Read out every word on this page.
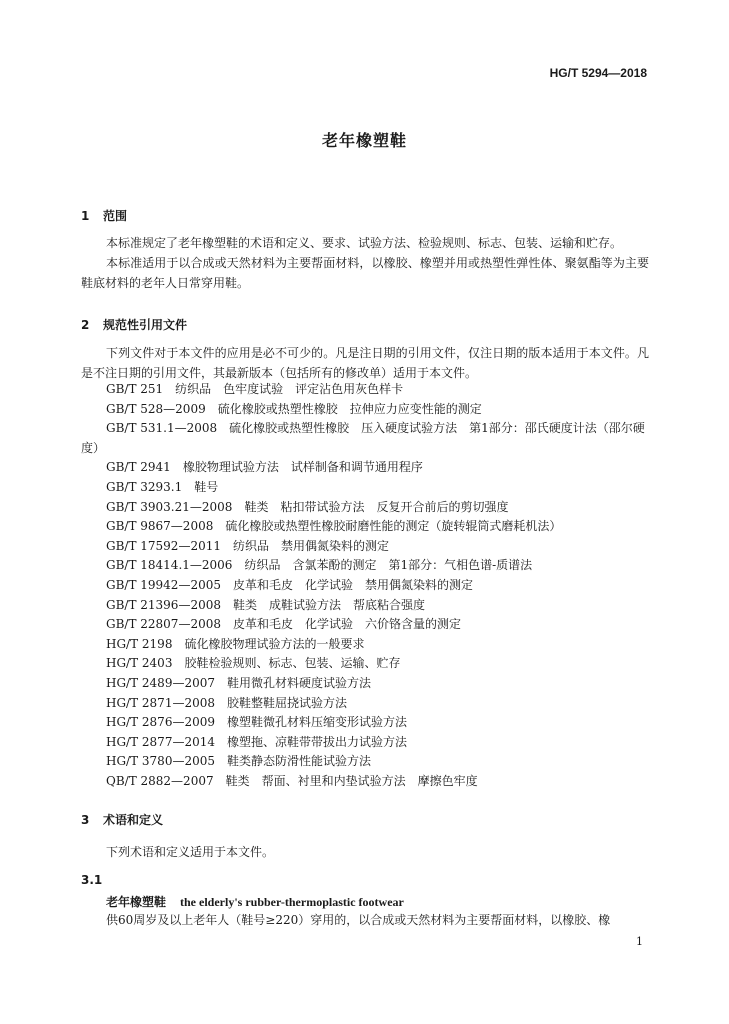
HG/T 5294—2018
老年橡塑鞋
1 范围

本标准规定了老年橡塑鞋的术语和定义、要求、试验方法、检验规则、标志、包装、运输和贮存。

本标准适用于以合成或天然材料为主要帮面材料，以橡胶、橡塑并用或热塑性弹性体、聚氨酯等为主要鞋底材料的老年人日常穿用鞋。

2 规范性引用文件

下列文件对于本文件的应用是必不可少的。凡是注日期的引用文件，仅注日期的版本适用于本文件。凡是不注日期的引用文件，其最新版本（包括所有的修改单）适用于本文件。

GB/T 251 纺织品　色牢度试验　评定沾色用灰色样卡
GB/T 528—2009 硫化橡胶或热塑性橡胶　拉伸应力应变性能的测定
GB/T 531.1—2008 硫化橡胶或热塑性橡胶　压入硬度试验方法　第1部分：邵氏硬度计法（邵尔硬度）
GB/T 2941 橡胶物理试验方法　试样制备和调节通用程序
GB/T 3293.1 鞋号
GB/T 3903.21—2008 鞋类　粘扣带试验方法　反复开合前后的剪切强度
GB/T 9867—2008 硫化橡胶或热塑性橡胶耐磨性能的测定（旋转辊筒式磨耗机法）
GB/T 17592—2011 纺织品　禁用偶氮染料的测定
GB/T 18414.1—2006 纺织品　含氯苯酚的测定　第1部分：气相色谱-质谱法
GB/T 19942—2005 皮革和毛皮　化学试验　禁用偶氮染料的测定
GB/T 21396—2008 鞋类　成鞋试验方法　帮底粘合强度
GB/T 22807—2008 皮革和毛皮　化学试验　六价铬含量的测定
HG/T 2198 硫化橡胶物理试验方法的一般要求
HG/T 2403 胶鞋检验规则、标志、包装、运输、贮存
HG/T 2489—2007 鞋用微孔材料硬度试验方法
HG/T 2871—2008 胶鞋整鞋屈挠试验方法
HG/T 2876—2009 橡塑鞋微孔材料压缩变形试验方法
HG/T 2877—2014 橡塑拖、凉鞋带带拔出力试验方法
HG/T 3780—2005 鞋类静态防滑性能试验方法
QB/T 2882—2007 鞋类　帮面、衬里和内垫试验方法　摩擦色牢度
3 术语和定义

下列术语和定义适用于本文件。

3.1
老年橡塑鞋 the elderly's rubber-thermoplastic footwear

供60周岁及以上老年人（鞋号≥220）穿用的，以合成或天然材料为主要帮面材料，以橡胶、橡

1
